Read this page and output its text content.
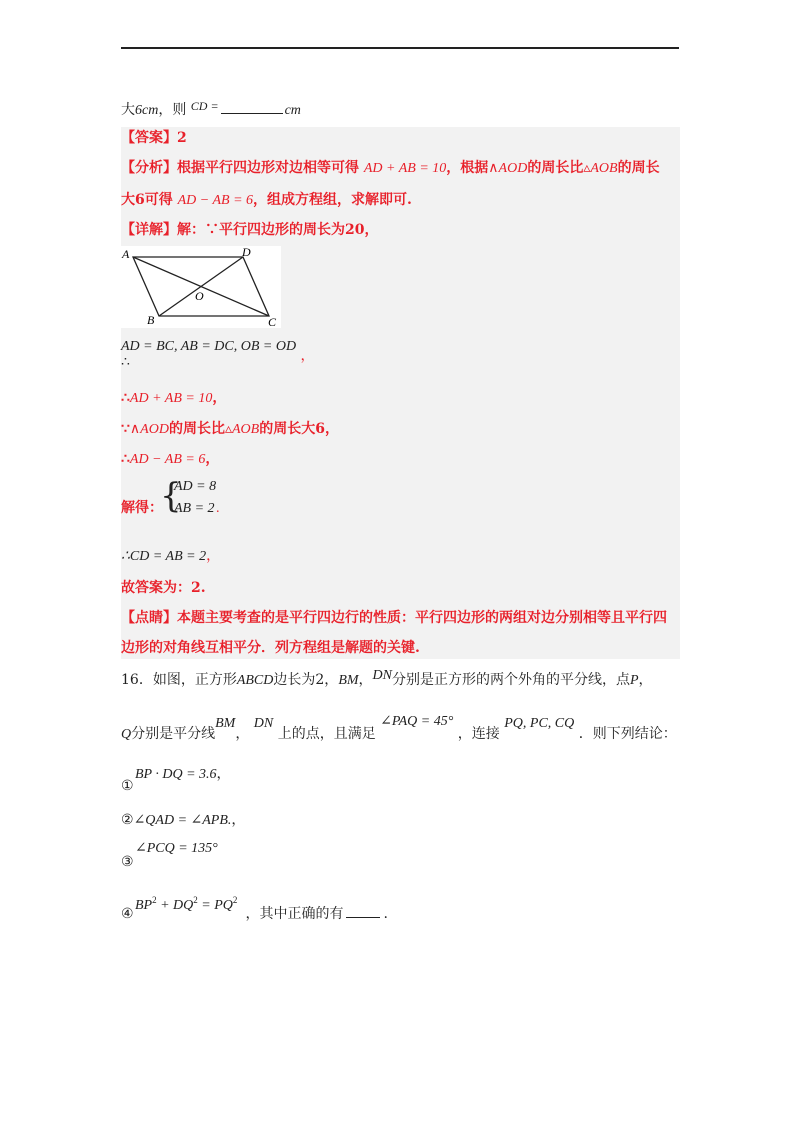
大6cm，则 CD =	cm
【答案】2
【分析】根据平行四边形对边相等可得 AD + AB = 10，根据∧AOD的周长比▵AOB的周长
大6可得 AD − AB = 6，组成方程组，求解即可.
【详解】解：∵平行四边形的周长为20，
A	D
O
B	C
AD = BC, AB = DC, OB = OD ，
∴
∴AD + AB = 10，
∵∧AOD的周长比▵AOB的周长大6，
∴AD − AB = 6，
解得：
{
AD = 8
AB = 2 .
∴CD = AB = 2，
故答案为：2.
【点睛】本题主要考查的是平行四边行的性质：平行四边形的两组对边分别相等且平行四
边形的对角线互相平分．列方程组是解题的关键.
16．如图，正方形ABCD边长为2，BM，DN分别是正方形的两个外角的平分线，点P，
Q分别是平分线BM， DN 上的点，且满足 ∠PAQ = 45° ，连接 PQ, PC, CQ ．则下列结论：
BP · DQ = 3.6，
①
②∠QAD = ∠APB.，
∠PCQ = 135°
③
$BP^2 + DQ^2 = PQ^2$
④	，其中正确的有	.
